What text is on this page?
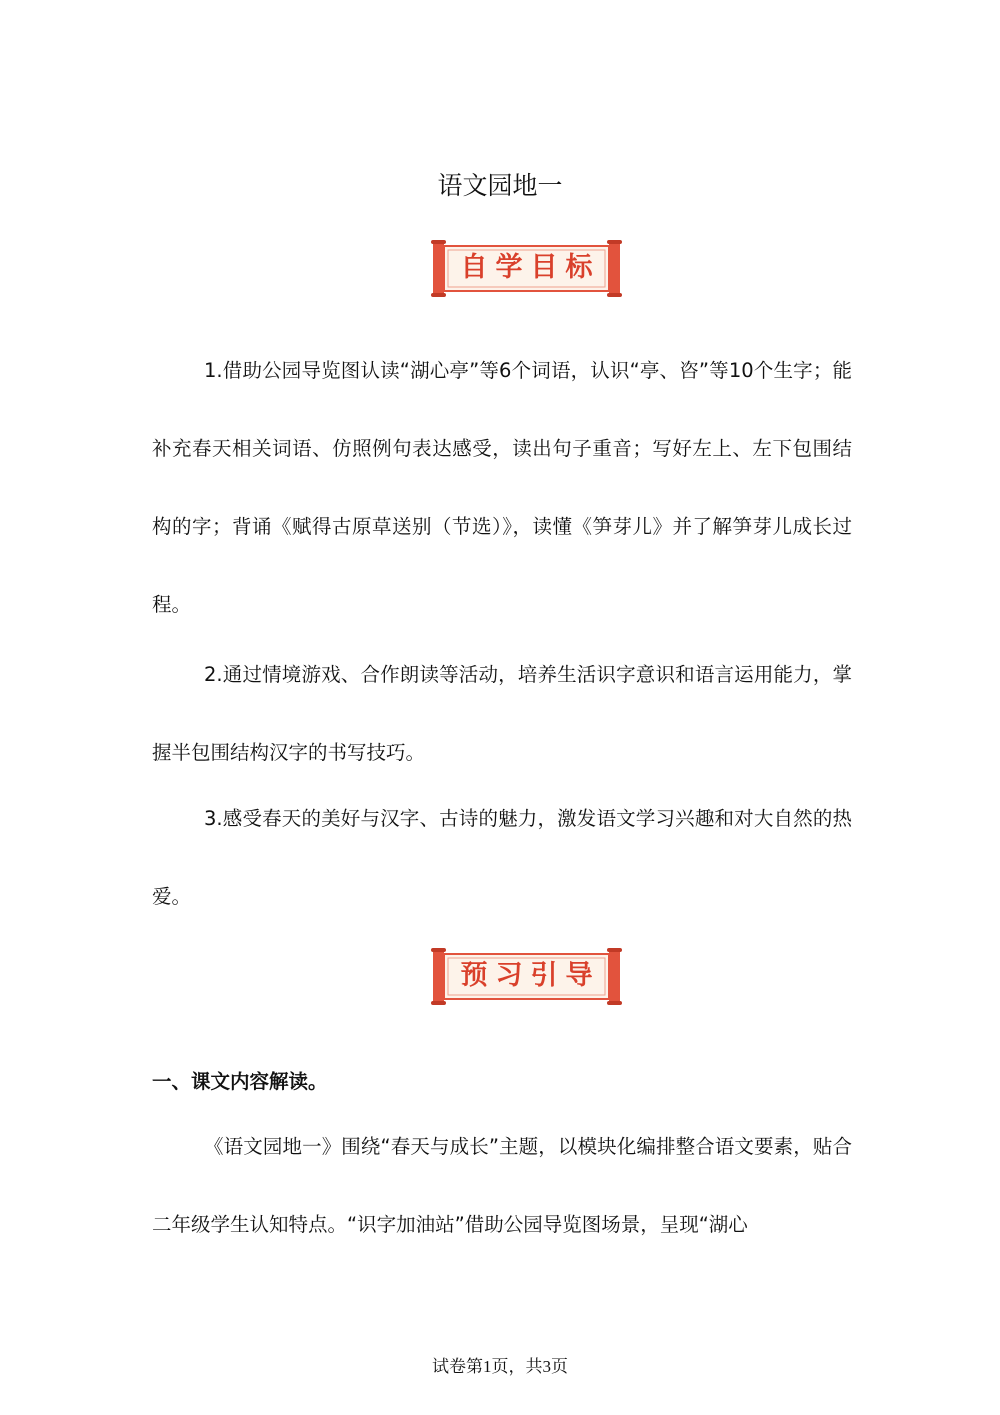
语文园地一
自学目标

1.借助公园导览图认读“湖心亭”等6个词语，认识“亭、咨”等10个生字；能补充春天相关词语、仿照例句表达感受，读出句子重音；写好左上、左下包围结构的字；背诵《赋得古原草送别（节选）》，读懂《笋芽儿》并了解笋芽儿成长过程。

2.通过情境游戏、合作朗读等活动，培养生活识字意识和语言运用能力，掌握半包围结构汉字的书写技巧。

3.感受春天的美好与汉字、古诗的魅力，激发语文学习兴趣和对大自然的热爱。

预习引导
一、课文内容解读。

《语文园地一》围绕“春天与成长”主题，以模块化编排整合语文要素，贴合二年级学生认知特点。“识字加油站”借助公园导览图场景，呈现“湖心

试卷第1页，共3页
